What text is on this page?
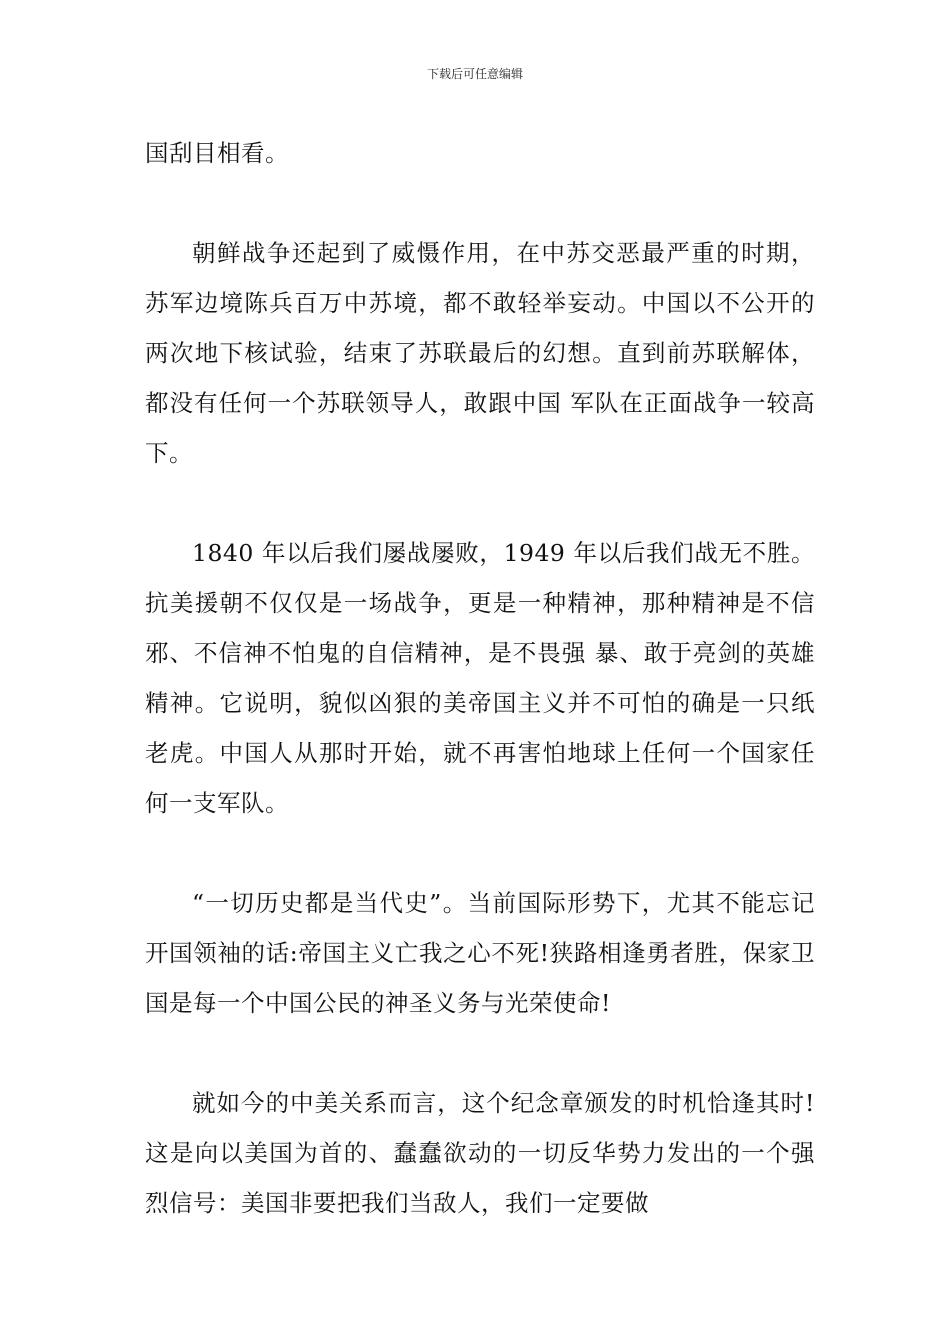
下载后可任意编辑

国刮目相看。

朝鲜战争还起到了威慑作用，在中苏交恶最严重的时期，苏军边境陈兵百万中苏境，都不敢轻举妄动。中国以不公开的两次地下核试验，结束了苏联最后的幻想。直到前苏联解体，都没有任何一个苏联领导人，敢跟中国 军队在正面战争一较高下。

1840 年以后我们屡战屡败，1949 年以后我们战无不胜。抗美援朝不仅仅是一场战争，更是一种精神，那种精神是不信邪、不信神不怕鬼的自信精神，是不畏强 暴、敢于亮剑的英雄精神。它说明，貌似凶狠的美帝国主义并不可怕的确是一只纸老虎。中国人从那时开始，就不再害怕地球上任何一个国家任何一支军队。

“一切历史都是当代史”。当前国际形势下，尤其不能忘记开国领袖的话:帝国主义亡我之心不死!狭路相逢勇者胜，保家卫国是每一个中国公民的神圣义务与光荣使命!

就如今的中美关系而言，这个纪念章颁发的时机恰逢其时!这是向以美国为首的、蠢蠢欲动的一切反华势力发出的一个强烈信号：美国非要把我们当敌人，我们一定要做
